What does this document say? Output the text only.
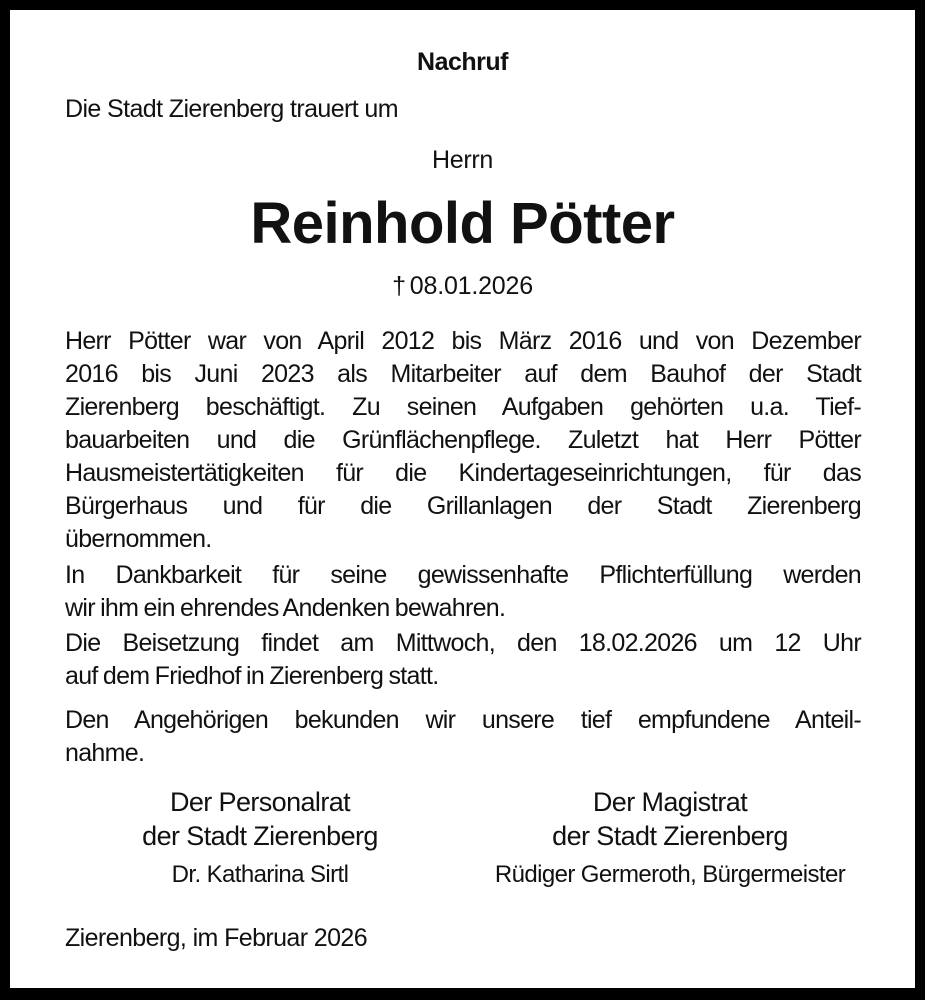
Nachruf
Die Stadt Zierenberg trauert um
Herrn
Reinhold Pötter
† 08.01.2026
Herr Pötter war von April 2012 bis März 2016 und von Dezember
2016 bis Juni 2023 als Mitarbeiter auf dem Bauhof der Stadt
Zierenberg beschäftigt. Zu seinen Aufgaben gehörten u.a. Tief-
bauarbeiten und die Grünflächenpflege. Zuletzt hat Herr Pötter
Hausmeistertätigkeiten für die Kindertageseinrichtungen, für das
Bürgerhaus und für die Grillanlagen der Stadt Zierenberg
übernommen.
In Dankbarkeit für seine gewissenhafte Pflichterfüllung werden
wir ihm ein ehrendes Andenken bewahren.
Die Beisetzung findet am Mittwoch, den 18.02.2026 um 12 Uhr
auf dem Friedhof in Zierenberg statt.
Den Angehörigen bekunden wir unsere tief empfundene Anteil-
nahme.
Der Personalrat
der Stadt Zierenberg
Dr. Katharina Sirtl
Der Magistrat
der Stadt Zierenberg
Rüdiger Germeroth, Bürgermeister
Zierenberg, im Februar 2026
